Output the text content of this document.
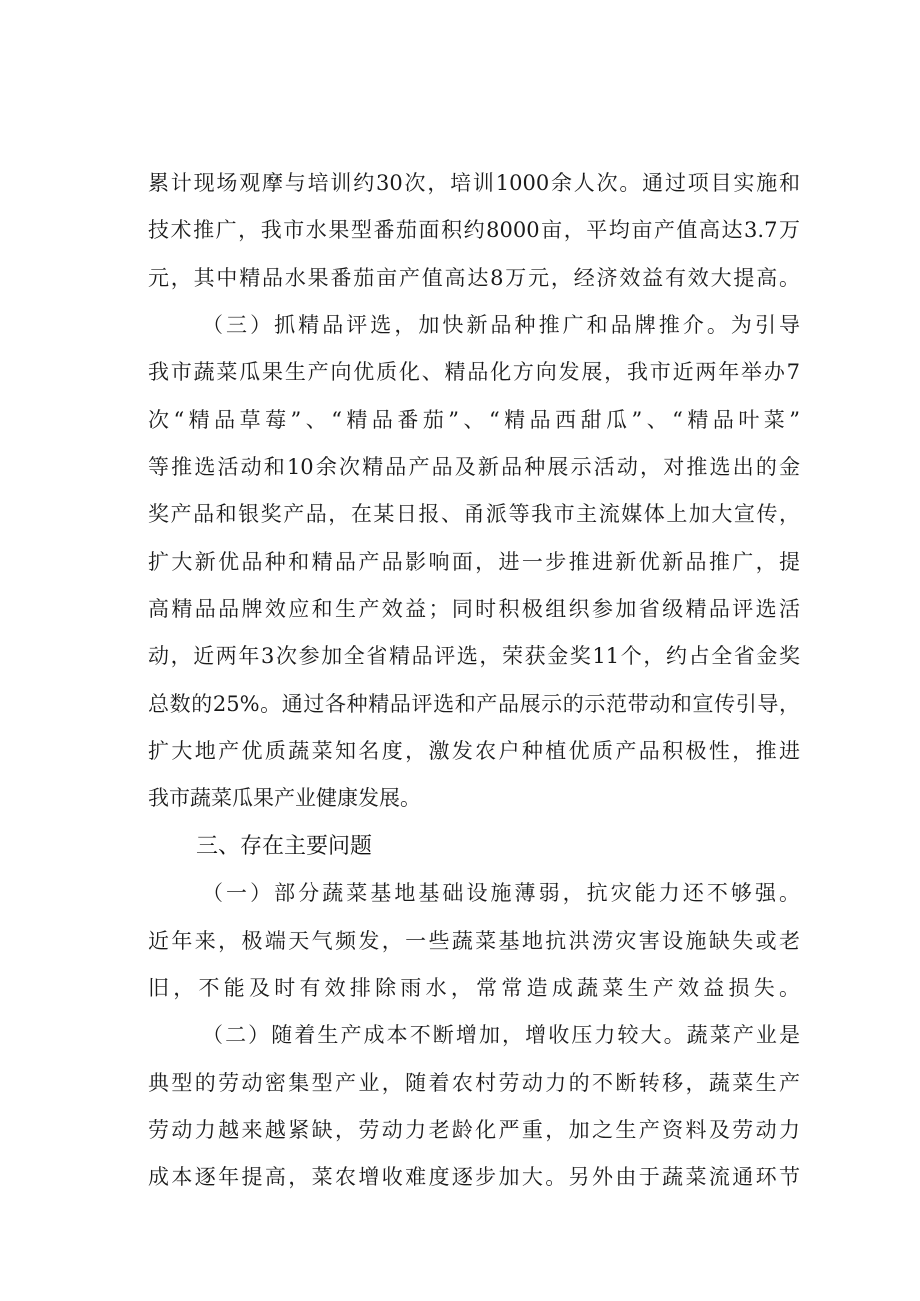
累计现场观摩与培训约30次，培训1000余人次。通过项目实施和
技术推广，我市水果型番茄面积约8000亩，平均亩产值高达3.7万
元，其中精品水果番茄亩产值高达8万元，经济效益有效大提高。
（三）抓精品评选，加快新品种推广和品牌推介。为引导
我市蔬菜瓜果生产向优质化、精品化方向发展，我市近两年举办7
次“精品草莓”、“精品番茄”、“精品西甜瓜”、“精品叶菜”
等推选活动和10余次精品产品及新品种展示活动，对推选出的金
奖产品和银奖产品，在某日报、甬派等我市主流媒体上加大宣传，
扩大新优品种和精品产品影响面，进一步推进新优新品推广，提
高精品品牌效应和生产效益；同时积极组织参加省级精品评选活
动，近两年3次参加全省精品评选，荣获金奖11个，约占全省金奖
总数的25%。通过各种精品评选和产品展示的示范带动和宣传引导，
扩大地产优质蔬菜知名度，激发农户种植优质产品积极性，推进
我市蔬菜瓜果产业健康发展。
三、存在主要问题
（一）部分蔬菜基地基础设施薄弱，抗灾能力还不够强。
近年来，极端天气频发，一些蔬菜基地抗洪涝灾害设施缺失或老
旧，不能及时有效排除雨水，常常造成蔬菜生产效益损失。
（二）随着生产成本不断增加，增收压力较大。蔬菜产业是
典型的劳动密集型产业，随着农村劳动力的不断转移，蔬菜生产
劳动力越来越紧缺，劳动力老龄化严重，加之生产资料及劳动力
成本逐年提高，菜农增收难度逐步加大。另外由于蔬菜流通环节
